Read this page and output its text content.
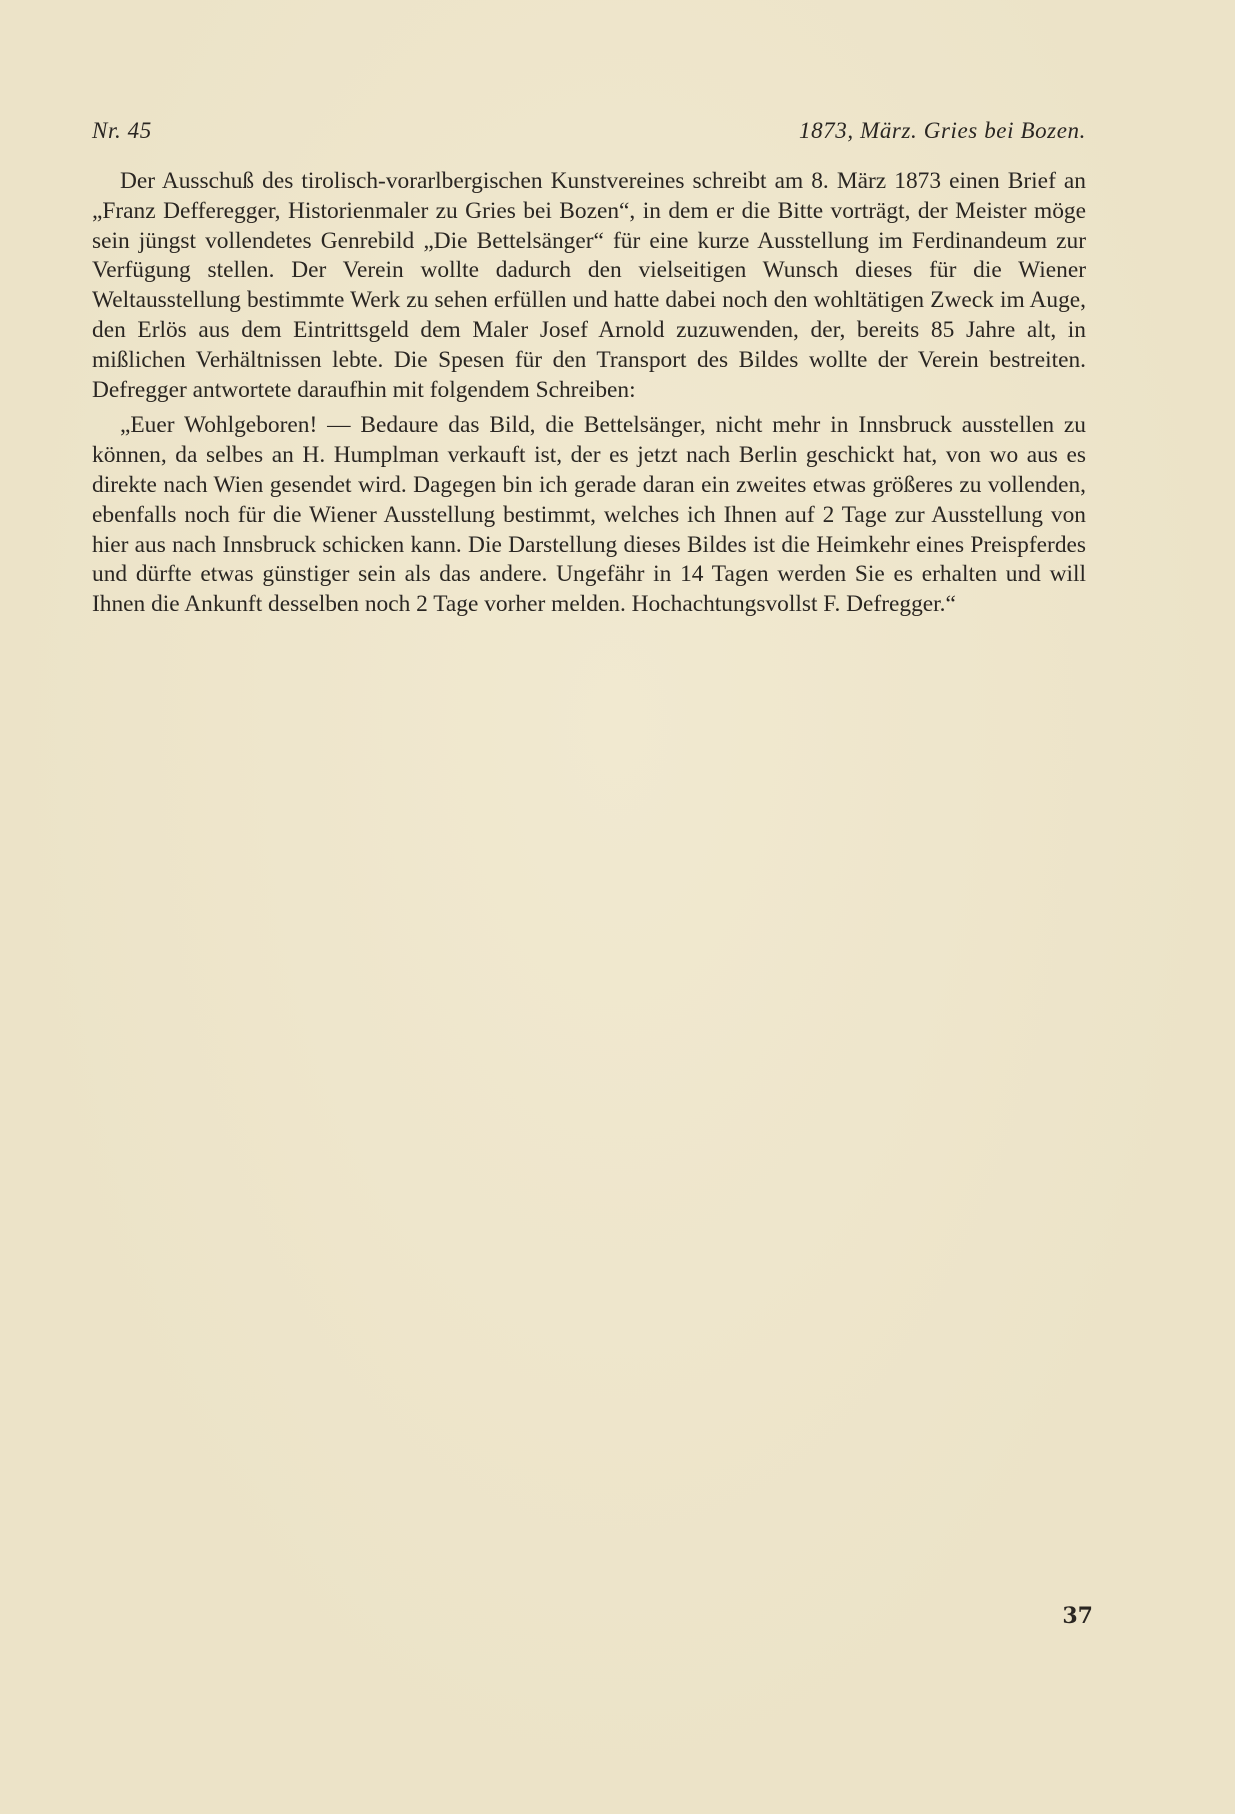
Nr. 45	1873, März. Gries bei Bozen.

Der Ausschuß des tirolisch-vorarlbergischen Kunstvereines schreibt am 8. März 1873 einen Brief an „Franz Defferegger, Historienmaler zu Gries bei Bozen“, in dem er die Bitte vorträgt, der Meister möge sein jüngst vollendetes Genrebild „Die Bettelsänger“ für eine kurze Ausstellung im Ferdinandeum zur Verfügung stellen. Der Verein wollte dadurch den vielseitigen Wunsch dieses für die Wiener Weltausstellung bestimmte Werk zu sehen erfüllen und hatte dabei noch den wohltätigen Zweck im Auge, den Erlös aus dem Eintrittsgeld dem Maler Josef Arnold zuzuwenden, der, bereits 85 Jahre alt, in mißlichen Verhältnissen lebte. Die Spesen für den Transport des Bildes wollte der Verein bestreiten. Defregger antwortete daraufhin mit folgendem Schreiben:

„Euer Wohlgeboren! — Bedaure das Bild, die Bettelsänger, nicht mehr in Innsbruck ausstellen zu können, da selbes an H. Humplman verkauft ist, der es jetzt nach Berlin geschickt hat, von wo aus es direkte nach Wien gesendet wird. Dagegen bin ich gerade daran ein zweites etwas größeres zu vollenden, ebenfalls noch für die Wiener Ausstellung bestimmt, welches ich Ihnen auf 2 Tage zur Ausstellung von hier aus nach Innsbruck schicken kann. Die Darstellung dieses Bildes ist die Heimkehr eines Preispferdes und dürfte etwas günstiger sein als das andere. Ungefähr in 14 Tagen werden Sie es erhalten und will Ihnen die Ankunft desselben noch 2 Tage vorher melden. Hochachtungsvollst F. Defregger.“

37
